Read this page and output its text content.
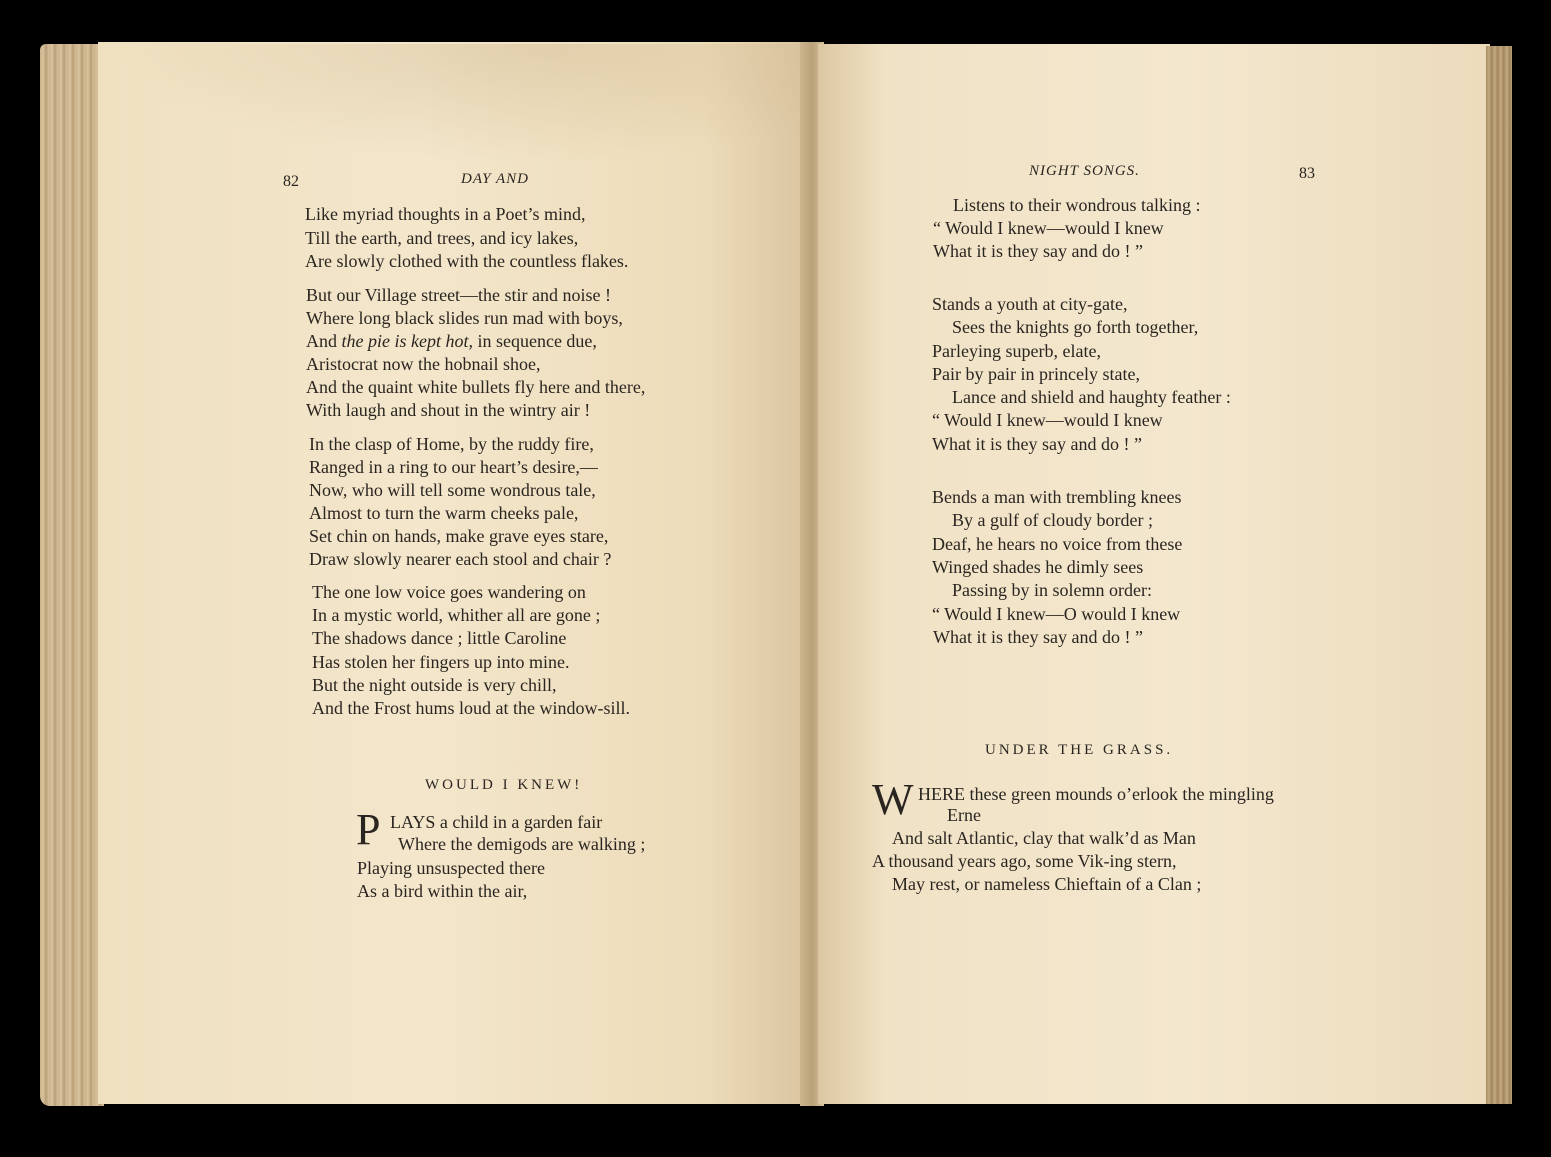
82	DAY AND
Like myriad thoughts in a Poet’s mind,
Till the earth, and trees, and icy lakes,
Are slowly clothed with the countless flakes.
But our Village street—the stir and noise !
Where long black slides run mad with boys,
And the pie is kept hot, in sequence due,
Aristocrat now the hobnail shoe,
And the quaint white bullets fly here and there,
With laugh and shout in the wintry air !
In the clasp of Home, by the ruddy fire,
Ranged in a ring to our heart’s desire,—
Now, who will tell some wondrous tale,
Almost to turn the warm cheeks pale,
Set chin on hands, make grave eyes stare,
Draw slowly nearer each stool and chair ?
The one low voice goes wandering on
In a mystic world, whither all are gone ;
The shadows dance ; little Caroline
Has stolen her fingers up into mine.
But the night outside is very chill,
And the Frost hums loud at the window-sill.
WOULD I KNEW!
P LAYS a child in a garden fair
Where the demigods are walking ;
Playing unsuspected there
As a bird within the air,
NIGHT SONGS.	83
Listens to their wondrous talking :
“ Would I knew—would I knew
What it is they say and do ! ”
Stands a youth at city-gate,
Sees the knights go forth together,
Parleying superb, elate,
Pair by pair in princely state,
Lance and shield and haughty feather :
“ Would I knew—would I knew
What it is they say and do ! ”
Bends a man with trembling knees
By a gulf of cloudy border ;
Deaf, he hears no voice from these
Winged shades he dimly sees
Passing by in solemn order:
“ Would I knew—O would I knew
What it is they say and do ! ”
UNDER THE GRASS.
W HERE these green mounds o’erlook the mingling
Erne
And salt Atlantic, clay that walk’d as Man
A thousand years ago, some Vik-ing stern,
May rest, or nameless Chieftain of a Clan ;
